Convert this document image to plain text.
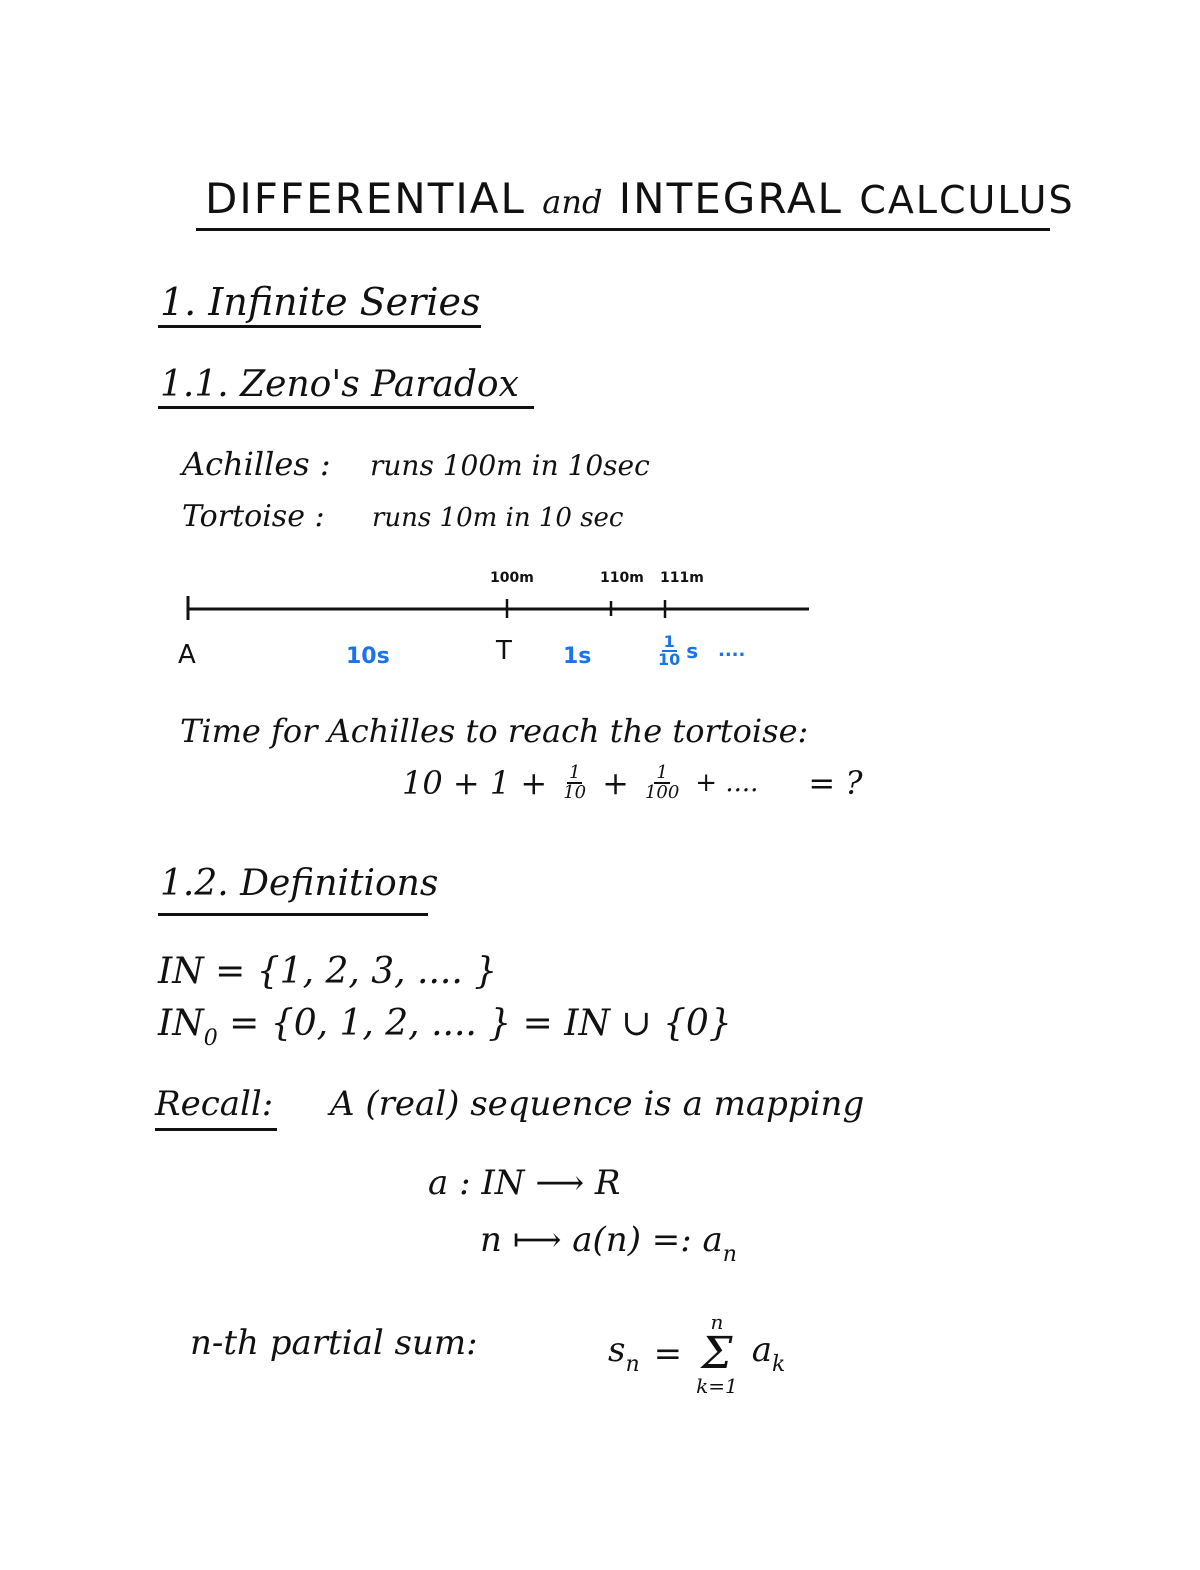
DIFFERENTIAL and INTEGRAL CALCULUS
1. Infinite Series
1.1. Zeno's Paradox
Achilles : runs 100m in 10sec
Tortoise : runs 10m in 10 sec
100m	110m 111m
A	T
10s	1s	$\frac{1}{10}$ s ....
Time for Achilles to reach the tortoise:
$10 + 1 + \frac{1}{10} + \frac{1}{100}$ + .... = ?
1.2. Definitions
IN = {1, 2, 3, .... }
$IN_0 = \{0$, 1, 2, .... } = IN ∪ {0}
Recall: A (real) sequence is a mapping
a : IN ⟶ R
n ⟼ a(n) =: $a_n$
n-th partial sum:	$s_n$ =
n
Σ
k=1
$a_k$
